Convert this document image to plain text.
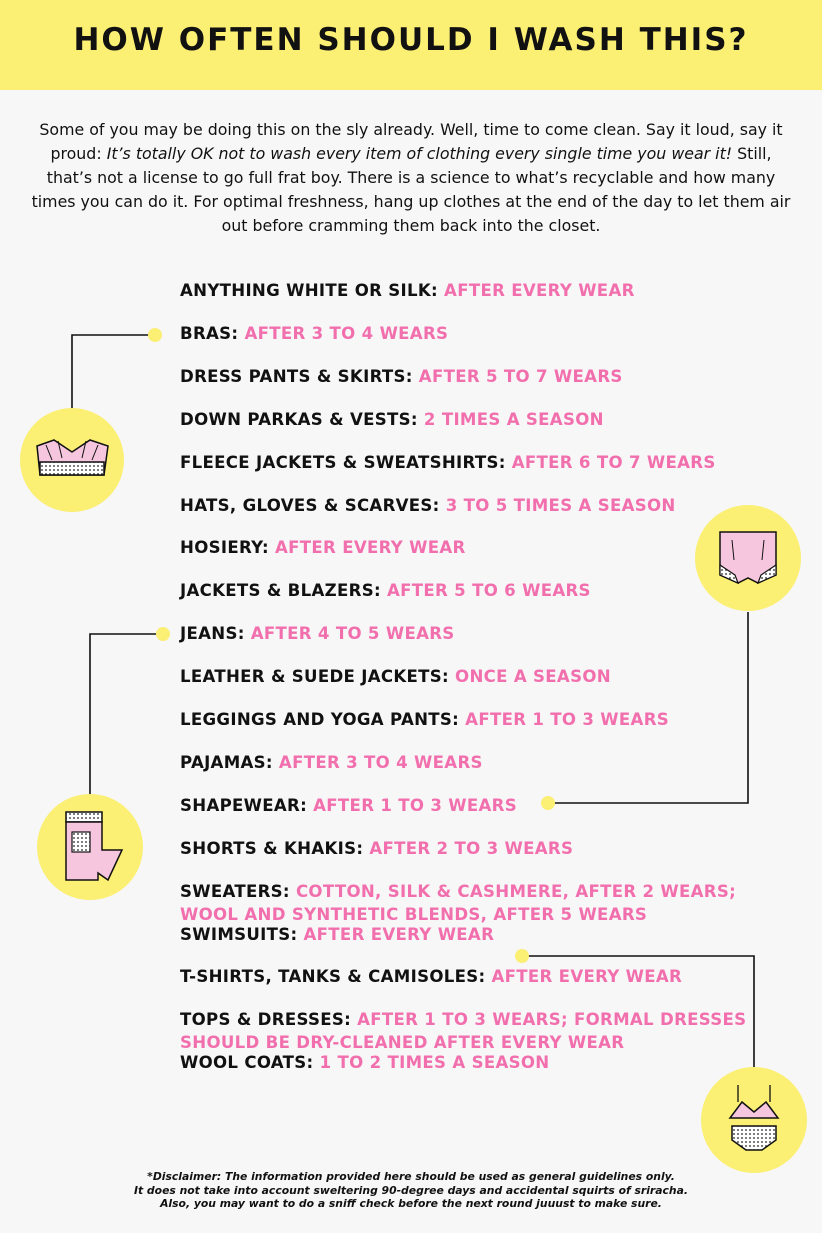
HOW OFTEN SHOULD I WASH THIS?
Some of you may be doing this on the sly already. Well, time to come clean. Say it loud, say it proud: It’s totally OK not to wash every item of clothing every single time you wear it! Still, that’s not a license to go full frat boy. There is a science to what’s recyclable and how many times you can do it. For optimal freshness, hang up clothes at the end of the day to let them air out before cramming them back into the closet.
ANYTHING WHITE OR SILK: AFTER EVERY WEAR
BRAS: AFTER 3 TO 4 WEARS
DRESS PANTS & SKIRTS: AFTER 5 TO 7 WEARS
DOWN PARKAS & VESTS: 2 TIMES A SEASON
FLEECE JACKETS & SWEATSHIRTS: AFTER 6 TO 7 WEARS
HATS, GLOVES & SCARVES: 3 TO 5 TIMES A SEASON
HOSIERY: AFTER EVERY WEAR
JACKETS & BLAZERS: AFTER 5 TO 6 WEARS
JEANS: AFTER 4 TO 5 WEARS
LEATHER & SUEDE JACKETS: ONCE A SEASON
LEGGINGS AND YOGA PANTS: AFTER 1 TO 3 WEARS
PAJAMAS: AFTER 3 TO 4 WEARS
SHAPEWEAR: AFTER 1 TO 3 WEARS
SHORTS & KHAKIS: AFTER 2 TO 3 WEARS
SWEATERS: COTTON, SILK & CASHMERE, AFTER 2 WEARS;
WOOL AND SYNTHETIC BLENDS, AFTER 5 WEARS
SWIMSUITS: AFTER EVERY WEAR
T-SHIRTS, TANKS & CAMISOLES: AFTER EVERY WEAR
TOPS & DRESSES: AFTER 1 TO 3 WEARS; FORMAL DRESSES
SHOULD BE DRY-CLEANED AFTER EVERY WEAR
WOOL COATS: 1 TO 2 TIMES A SEASON
*Disclaimer: The information provided here should be used as general guidelines only.
It does not take into account sweltering 90-degree days and accidental squirts of sriracha.
Also, you may want to do a sniff check before the next round juuust to make sure.
